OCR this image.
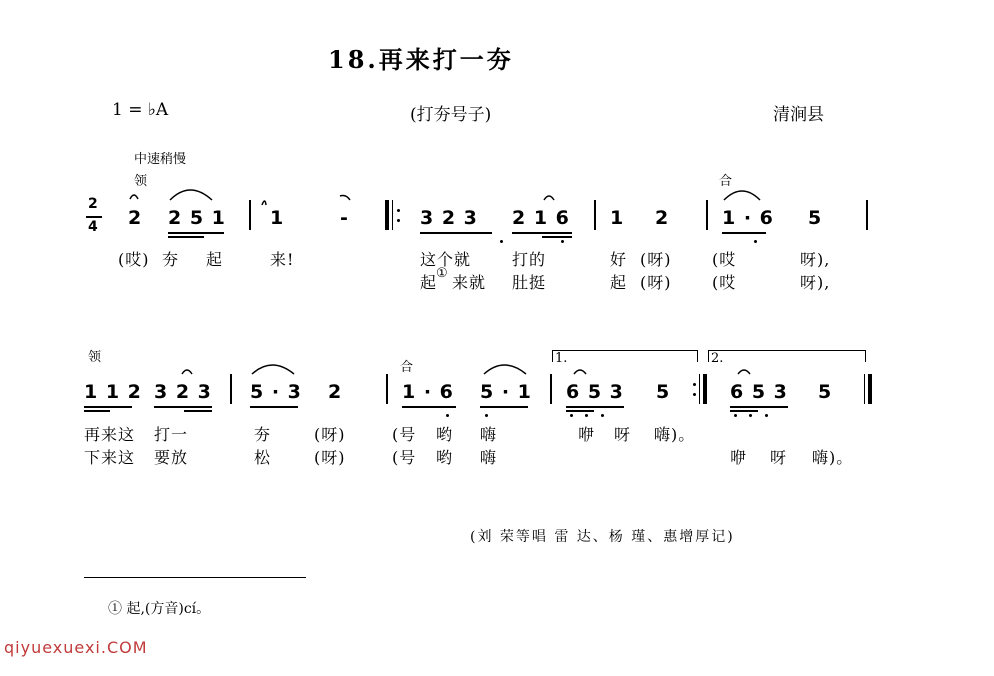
18.再来打一夯
1 = ♭A	(打夯号子)	清涧县
中速稍慢
领	合
2
4 2 2 5 1 1	-	3 2 3 2 1 6 1 2	1 · 6 5
(哎) 夯 起	来!	这个就	打的	好 (呀)	(哎	呀),
起
① 来就 肚挺	起 (呀)	(哎	呀),
领
合
1.	2.
1 1 2 3 2 3 5 · 3 2	1 · 6 5 · 1 6 5 3 5	6 5 3 5
再来这 打一	夯	(呀)	(号 哟 嗨	咿 呀 嗨)。
下来这 要放	松	(呀)	(号 哟 嗨	咿 呀 嗨)。
(刘 荣等唱 雷 达、杨 瑾、惠增厚记)
① 起,(方音)cí。
qiyuexuexi.COM
